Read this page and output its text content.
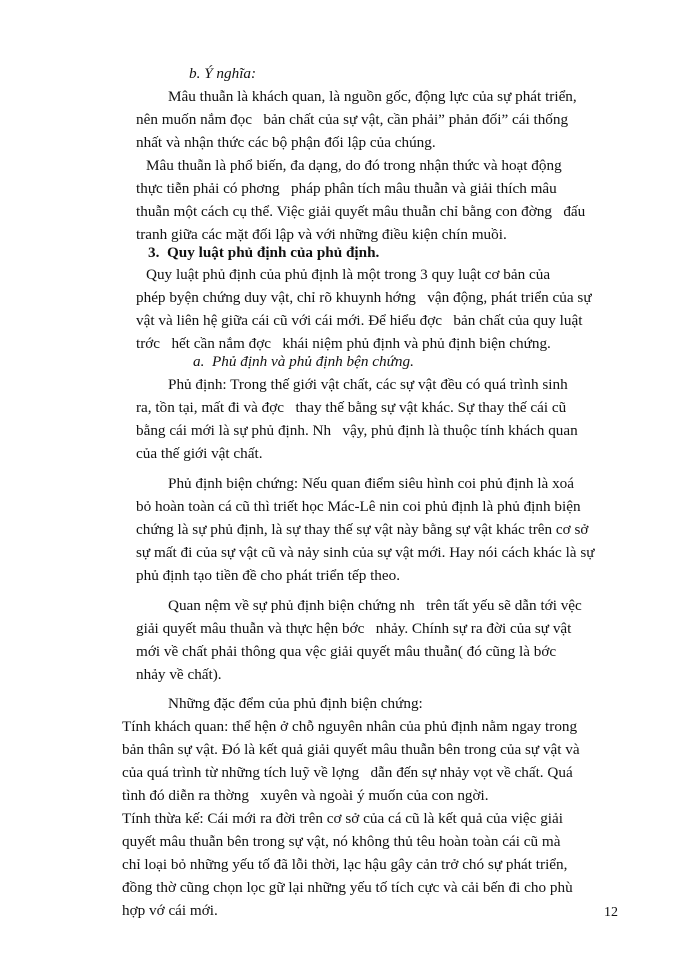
b. Ý nghĩa:

Mâu thuẫn là khách quan, là nguồn gốc, động lực của sự phát triển,

nên muốn nắm đọc   bản chất của sự vật, cần phải” phản đối” cái thống

nhất và nhận thức các bộ phận đối lập của chúng.

Mâu thuẫn là phổ biến, đa dạng, do đó trong nhận thức và hoạt động

thực tiễn phải có phơng   pháp phân tích mâu thuẫn và giải thích mâu

thuẫn một cách cụ thể. Việc giải quyết mâu thuẫn chỉ bằng con đờng   đấu

tranh giữa các mặt đối lập và với những điều kiện chín muồi.

3.  Quy luật phủ định của phủ định.

Quy luật phủ định của phủ định là một trong 3 quy luật cơ bản của

phép byện chứng duy vật, chỉ rõ khuynh hớng   vận động, phát triển của sự

vật và liên hệ giữa cái cũ với cái mới. Để hiểu đợc   bản chất của quy luật

trớc   hết cần nắm đợc   khái niệm phủ định và phủ định biện chứng.

a.  Phủ định và phủ định bện chứng.

Phủ định: Trong thế giới vật chất, các sự vật đều có quá trình sinh

ra, tồn tại, mất đi và đợc   thay thế bằng sự vật khác. Sự thay thế cái cũ

bằng cái mới là sự phủ định. Nh   vậy, phủ định là thuộc tính khách quan

của thế giới vật chất.

Phủ định biện chứng: Nếu quan điểm siêu hình coi phủ định là xoá

bỏ hoàn toàn cá cũ thì triết học Mác-Lê nin coi phủ định là phủ định biện

chứng là sự phủ định, là sự thay thế sự vật này bằng sự vật khác trên cơ sở

sự mất đi của sự vật cũ và nảy sinh của sự vật mới. Hay nói cách khác là sự

phủ định tạo tiền đề cho phát triển tếp theo.

Quan nệm về sự phủ định biện chứng nh   trên tất yếu sẽ dẫn tới vệc

giải quyết mâu thuẫn và thực hện bớc   nhảy. Chính sự ra đời của sự vật

mới về chất phải thông qua vệc giải quyết mâu thuẫn( đó cũng là bớc

nhảy về chất).

Những đặc đểm của phủ định biện chứng:

Tính khách quan: thể hện ở chỗ nguyên nhân của phủ định nằm ngay trong

bản thân sự vật. Đó là kết quả giải quyết mâu thuẫn bên trong của sự vật và

của quá trình từ những tích luỹ về lợng   dẫn đến sự nhảy vọt về chất. Quá

tình đó diễn ra thờng   xuyên và ngoài ý muốn của con ngời.

Tính thừa kế: Cái mới ra đời trên cơ sở của cá cũ là kết quả của việc giải

quyết mâu thuẫn bên trong sự vật, nó không thủ têu hoàn toàn cái cũ mà

chỉ loại bỏ những yếu tố đã lỗi thời, lạc hậu gây cản trở chó sự phát triển,

đồng thờ cũng chọn lọc gữ lại những yếu tố tích cực và cải bến đi cho phù

hợp vớ cái mới.	12
